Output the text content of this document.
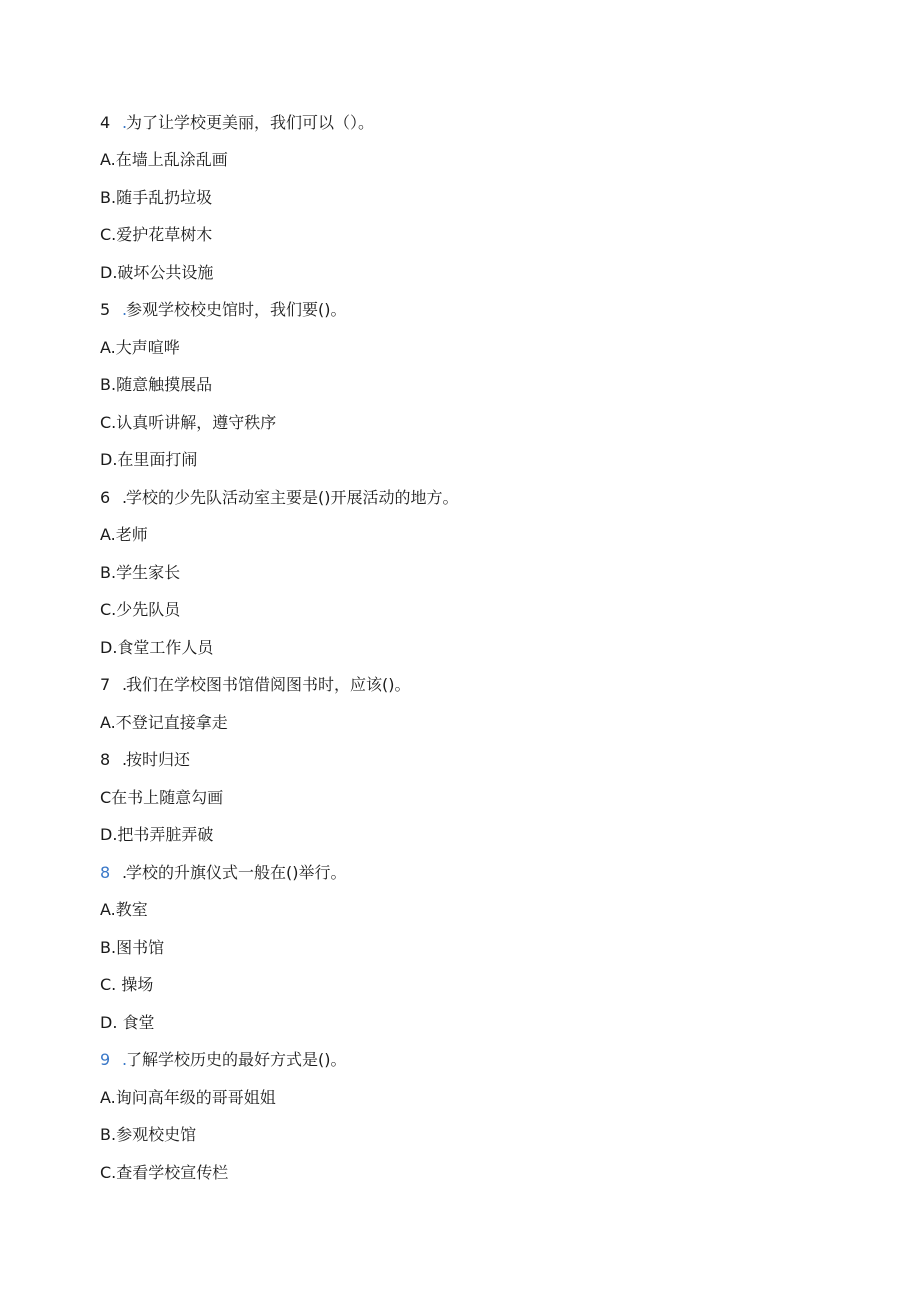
4 .
为了让学校更美丽，我们可以（）。
A.在墙上乱涂乱画
B.随手乱扔垃圾
C.爱护花草树木
D.破坏公共设施
5 .
参观学校校史馆时，我们要()。
A.大声喧哗
B.随意触摸展品
C.认真听讲解，遵守秩序
D.在里面打闹
6 .
学校的少先队活动室主要是()开展活动的地方。
A.老师
B.学生家长
C.少先队员
D.食堂工作人员
7 .
我们在学校图书馆借阅图书时，应该()。
A.不登记直接拿走
8 .
按时归还
C在书上随意勾画
D.把书弄脏弄破
8 .
学校的升旗仪式一般在()举行。
A.教室
B.图书馆
C. 操场
D. 食堂
9 .
了解学校历史的最好方式是()。
A.询问高年级的哥哥姐姐
B.参观校史馆
C.查看学校宣传栏
